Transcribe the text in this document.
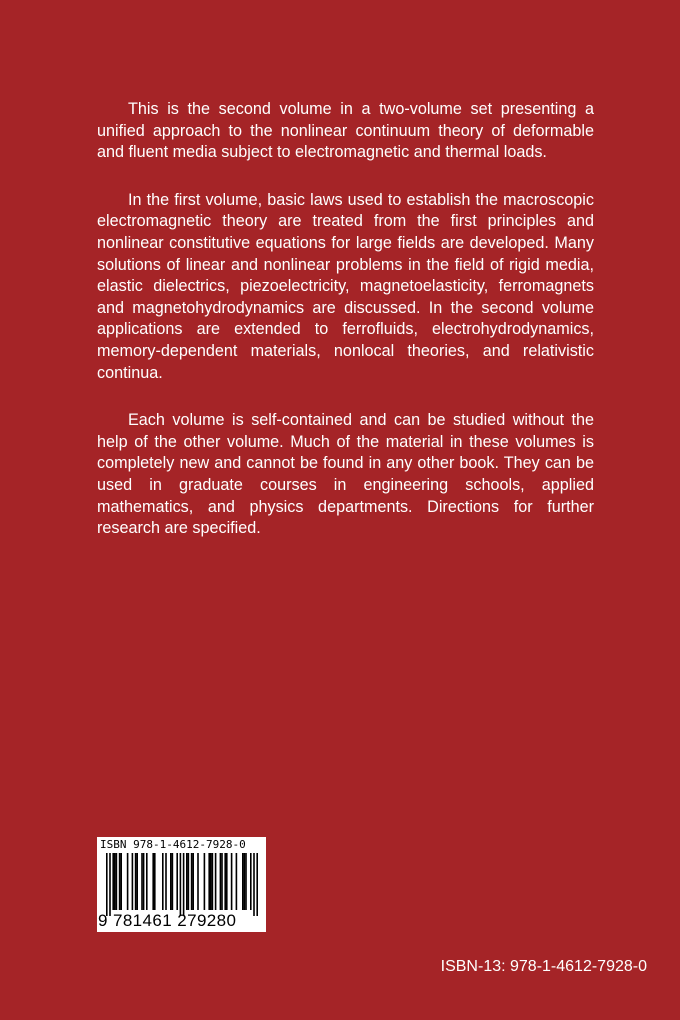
This is the second volume in a two-volume set presenting a unified approach to the nonlinear continuum theory of deformable and fluent media subject to electromagnetic and thermal loads.

In the first volume, basic laws used to establish the macroscopic electromagnetic theory are treated from the first principles and nonlinear constitutive equations for large fields are developed. Many solutions of linear and nonlinear problems in the field of rigid media, elastic dielectrics, piezoelectricity, magnetoelasticity, ferromagnets and magnetohydrodynamics are discussed. In the second volume applications are extended to ferrofluids, electrohydrodynamics, memory-dependent materials, nonlocal theories, and relativistic continua.

Each volume is self-contained and can be studied without the help of the other volume. Much of the material in these volumes is completely new and cannot be found in any other book. They can be used in graduate courses in engineering schools, applied mathematics, and physics departments. Directions for further research are specified.

ISBN 978-1-4612-7928-0
9 781461 279280
ISBN-13: 978-1-4612-7928-0
